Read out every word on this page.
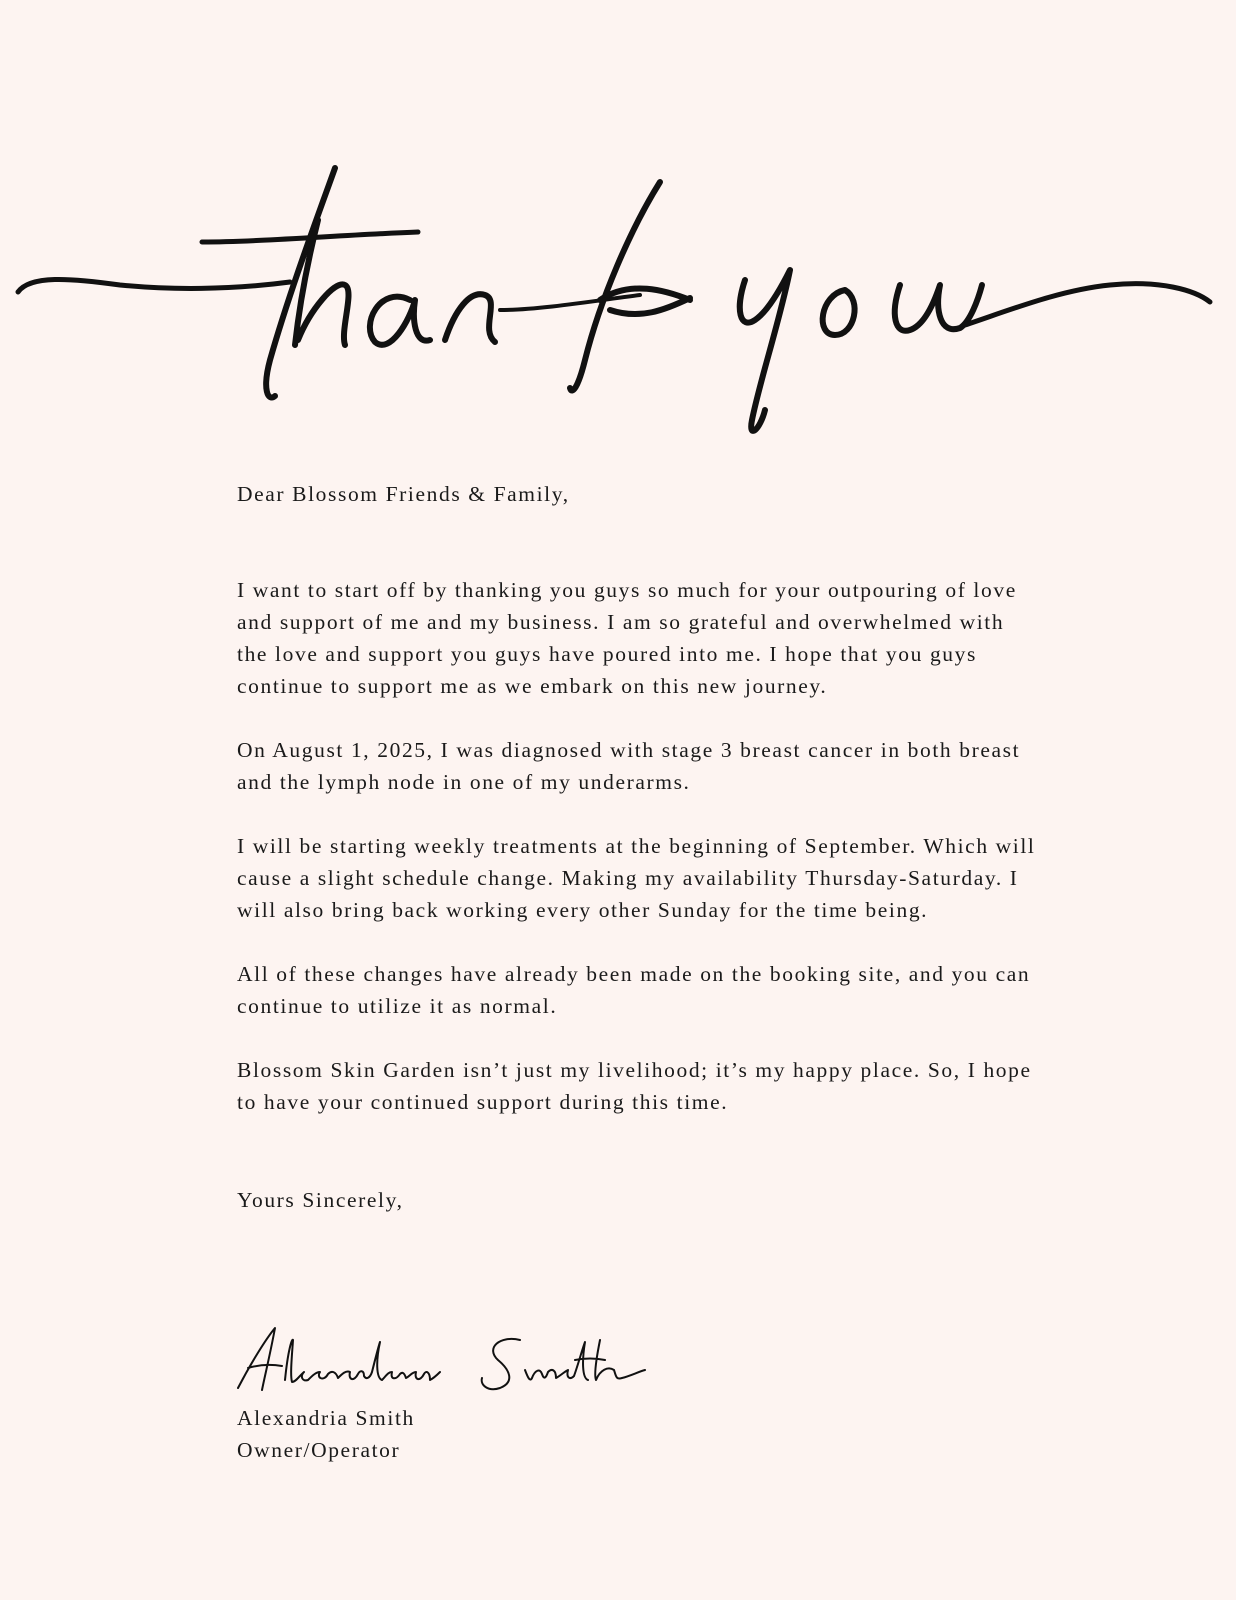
Dear Blossom Friends & Family,

I want to start off by thanking you guys so much for your outpouring of love and support of me and my business. I am so grateful and overwhelmed with the love and support you guys have poured into me. I hope that you guys continue to support me as we embark on this new journey.

On August 1, 2025, I was diagnosed with stage 3 breast cancer in both breast and the lymph node in one of my underarms.

I will be starting weekly treatments at the beginning of September. Which will cause a slight schedule change. Making my availability Thursday-Saturday. I will also bring back working every other Sunday for the time being.

All of these changes have already been made on the booking site, and you can continue to utilize it as normal.

Blossom Skin Garden isn’t just my livelihood; it’s my happy place. So, I hope to have your continued support during this time.

Yours Sincerely,

Alexandria Smith
Owner/Operator
